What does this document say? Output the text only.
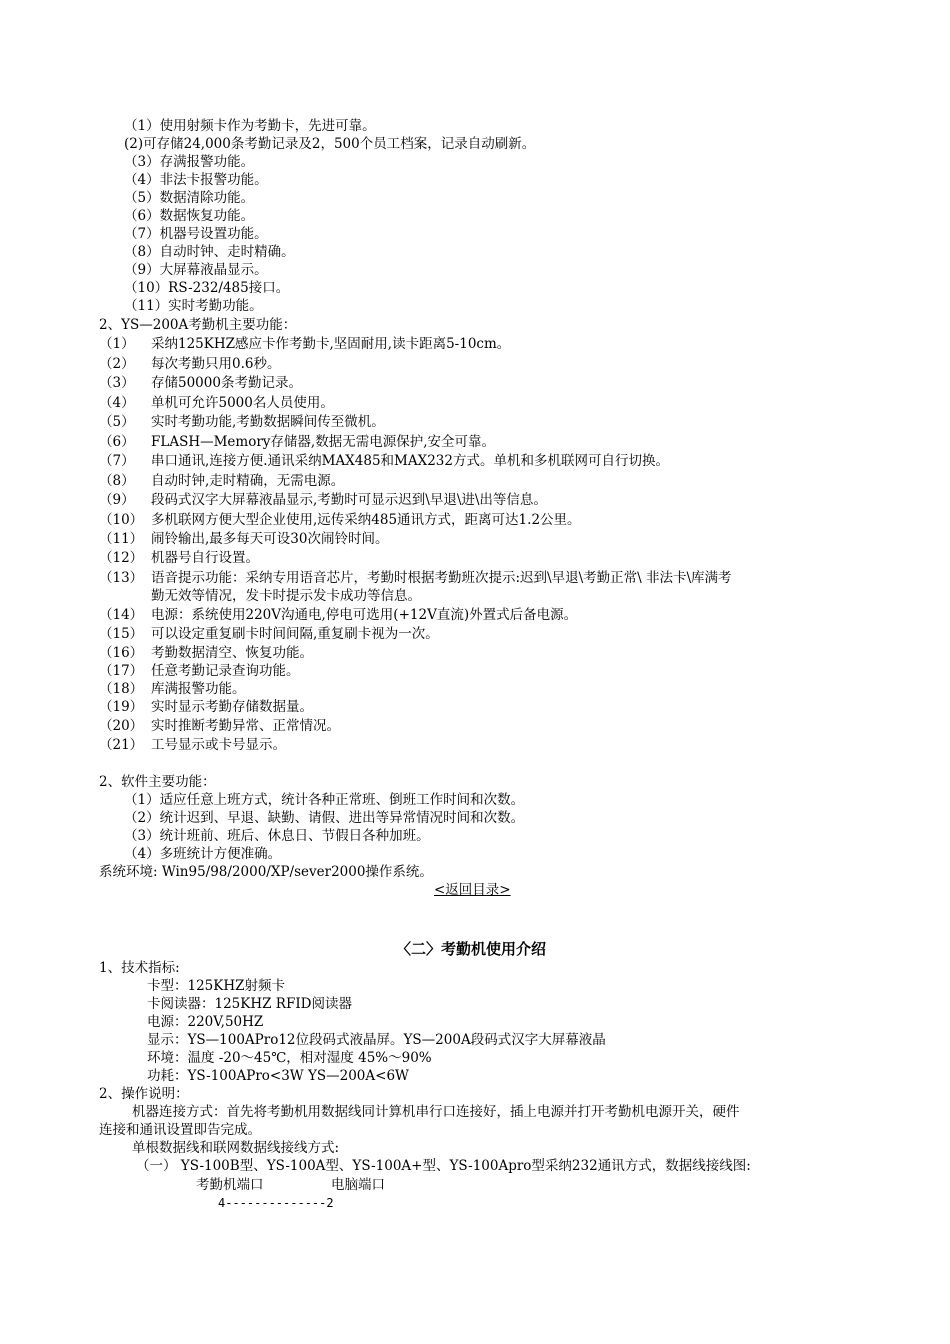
（1）使用射频卡作为考勤卡，先进可靠。
(2)可存储24,000条考勤记录及2，500个员工档案，记录自动刷新。
（3）存满报警功能。
（4）非法卡报警功能。
（5）数据清除功能。
（6）数据恢复功能。
（7）机器号设置功能。
（8）自动时钟、走时精确。
（9）大屏幕液晶显示。
（10）RS-232/485接口。
（11）实时考勤功能。
2、YS—200A考勤机主要功能：
（1） 采纳125KHZ感应卡作考勤卡,坚固耐用,读卡距离5-10cm。
（2） 每次考勤只用0.6秒。
（3） 存储50000条考勤记录。
（4） 单机可允许5000名人员使用。
（5） 实时考勤功能,考勤数据瞬间传至微机。
（6） FLASH—Memory存储器,数据无需电源保护,安全可靠。
（7） 串口通讯,连接方便.通讯采纳MAX485和MAX232方式。单机和多机联网可自行切换。
（8） 自动时钟,走时精确，无需电源。
（9） 段码式汉字大屏幕液晶显示,考勤时可显示迟到\早退\进\出等信息。
（10） 多机联网方便大型企业使用,远传采纳485通讯方式，距离可达1.2公里。
（11） 闹铃输出,最多每天可设30次闹铃时间。
（12） 机器号自行设置。
（13） 语音提示功能：采纳专用语音芯片，考勤时根据考勤班次提示:迟到\早退\考勤正常\ 非法卡\库满考
勤无效等情况，发卡时提示发卡成功等信息。
（14） 电源：系统使用220V沟通电,停电可选用(+12V直流)外置式后备电源。
（15） 可以设定重复刷卡时间间隔,重复刷卡视为一次。
（16） 考勤数据清空、恢复功能。
（17） 任意考勤记录查询功能。
（18） 库满报警功能。
（19） 实时显示考勤存储数据量。
（20） 实时推断考勤异常、正常情况。
（21） 工号显示或卡号显示。
2、软件主要功能：
（1）适应任意上班方式，统计各种正常班、倒班工作时间和次数。
（2）统计迟到、早退、缺勤、请假、进出等异常情况时间和次数。
（3）统计班前、班后、休息日、节假日各种加班。
（4）多班统计方便准确。
系统环境: Win95/98/2000/XP/sever2000操作系统。
<返回目录>
〈二〉考勤机使用介绍
1、技术指标:
卡型：125KHZ射频卡
卡阅读器：125KHZ RFID阅读器
电源：220V,50HZ
显示：YS—100APro12位段码式液晶屏。YS—200A段码式汉字大屏幕液晶
环境：温度 -20～45℃，相对湿度 45%～90%
功耗：YS-100APro<3W YS—200A<6W
2、操作说明：
机器连接方式：首先将考勤机用数据线同计算机串行口连接好，插上电源并打开考勤机电源开关，硬件
连接和通讯设置即告完成。
单根数据线和联网数据线接线方式:
（一） YS-100B型、YS-100A型、YS-100A+型、YS-100Apro型采纳232通讯方式，数据线接线图:
考勤机端口	电脑端口
4--------------2
